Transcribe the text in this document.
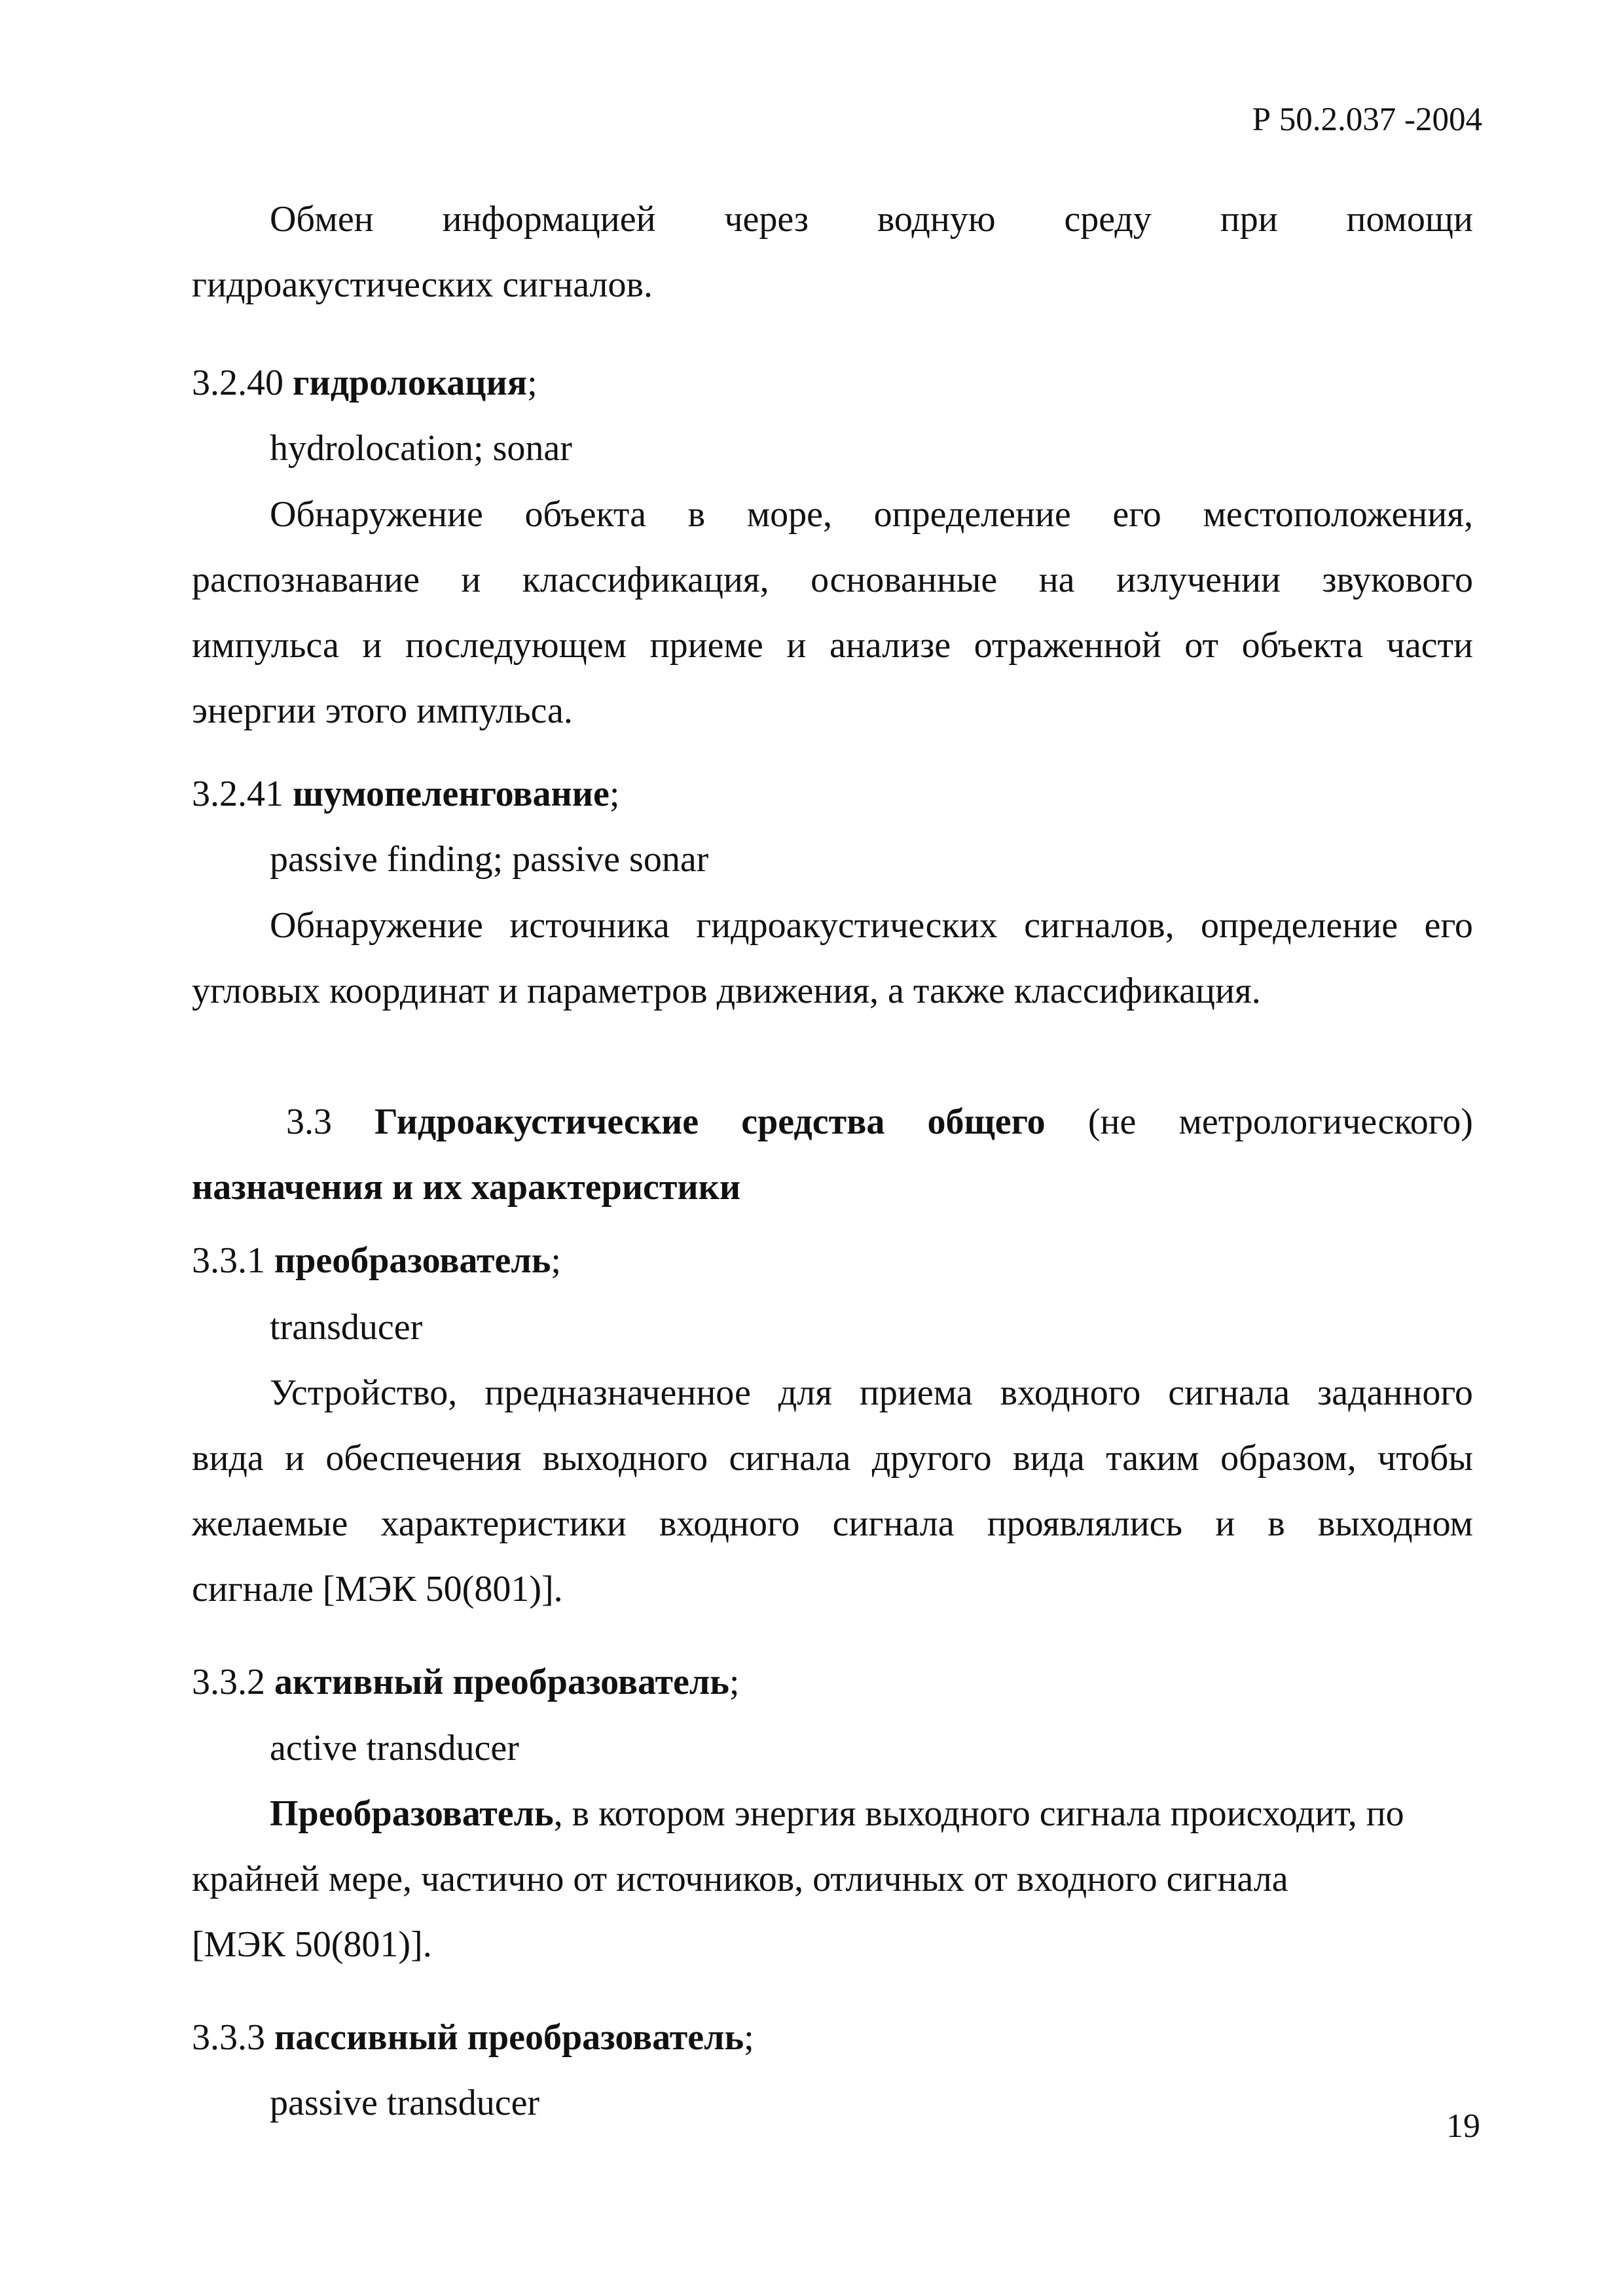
Р 50.2.037 -2004
Обмен информацией через водную среду при помощи
гидроакустических сигналов.
3.2.40 гидролокация;
hydrolocation; sonar
Обнаружение объекта в море, определение его местоположения,
распознавание и классификация, основанные на излучении звукового
импульса и последующем приеме и анализе отраженной от объекта части
энергии этого импульса.
3.2.41 шумопеленгование;
passive finding; passive sonar
Обнаружение источника гидроакустических сигналов, определение его
угловых координат и параметров движения, а также классификация.
3.3 Гидроакустические средства общего (не метрологического)
назначения и их характеристики
3.3.1 преобразователь;
transducer
Устройство, предназначенное для приема входного сигнала заданного
вида и обеспечения выходного сигнала другого вида таким образом, чтобы
желаемые характеристики входного сигнала проявлялись и в выходном
сигнале [МЭК 50(801)].
3.3.2 активный преобразователь;
active transducer
Преобразователь, в котором энергия выходного сигнала происходит, по
крайней мере, частично от источников, отличных от входного сигнала
[МЭК 50(801)].
3.3.3 пассивный преобразователь;
passive transducer
19
